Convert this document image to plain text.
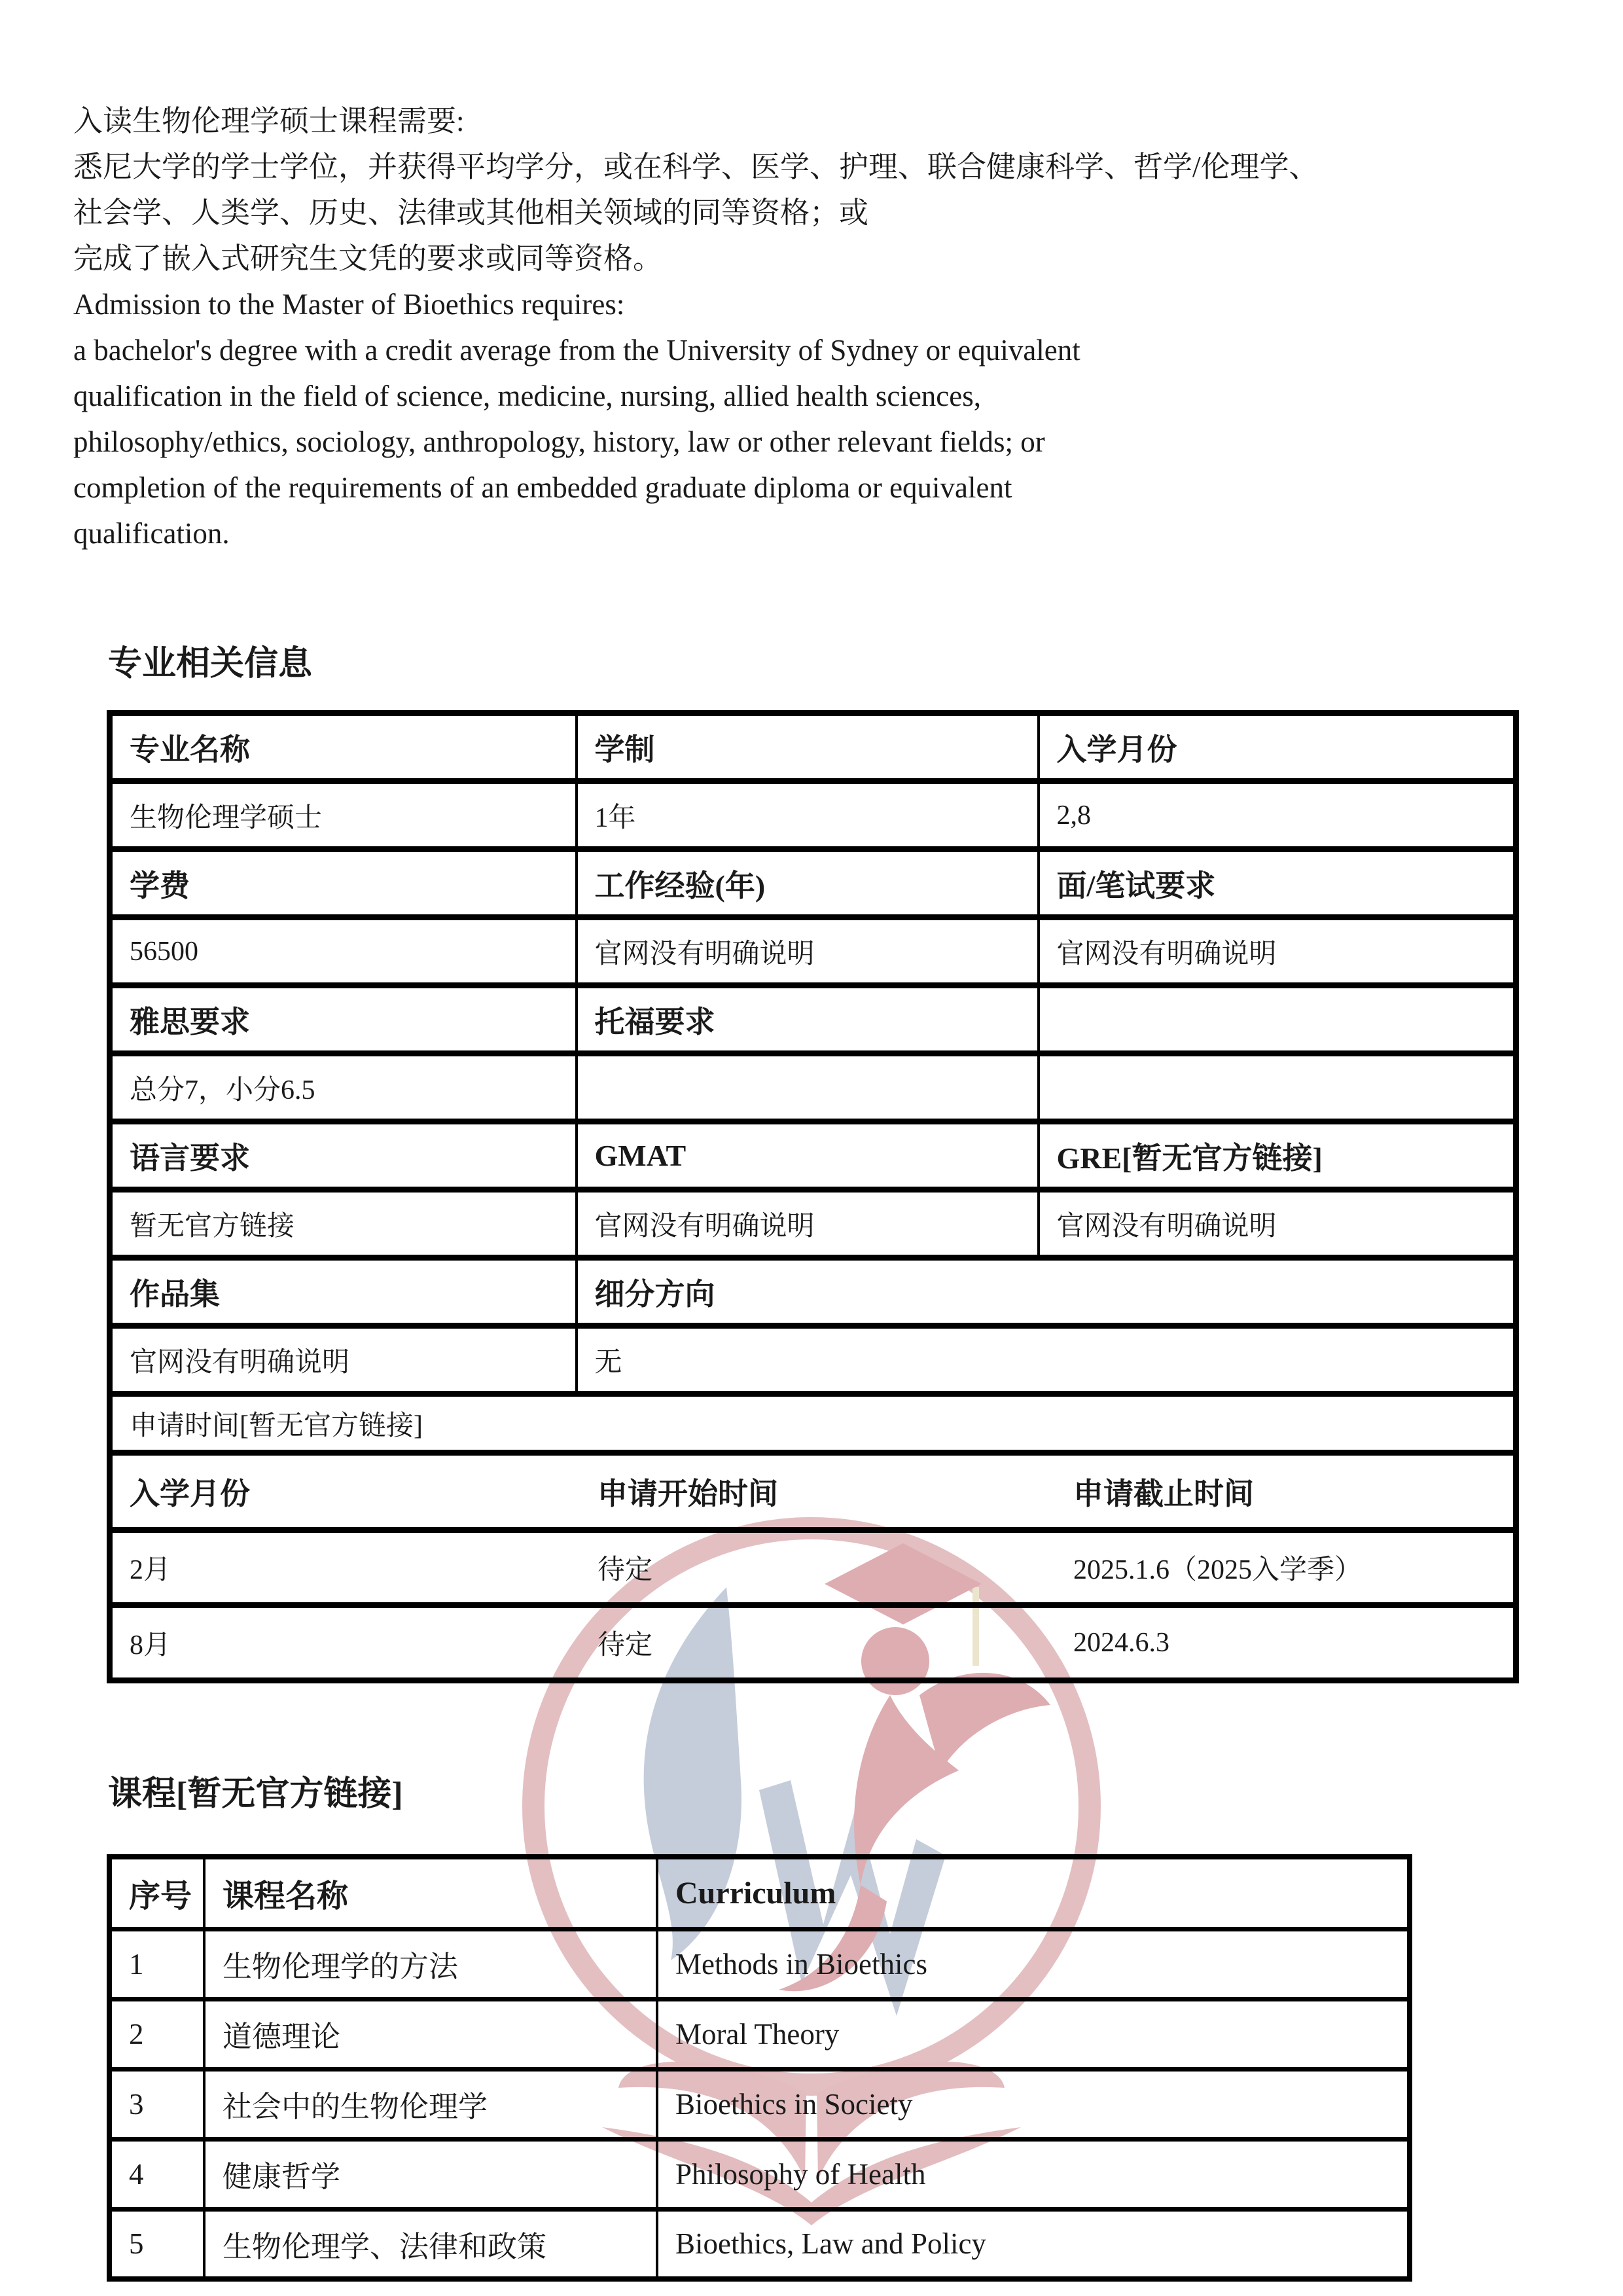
入读生物伦理学硕士课程需要:
悉尼大学的学士学位，并获得平均学分，或在科学、医学、护理、联合健康科学、哲学/伦理学、
社会学、人类学、历史、法律或其他相关领域的同等资格；或
完成了嵌入式研究生文凭的要求或同等资格。
Admission to the Master of Bioethics requires:
a bachelor's degree with a credit average from the University of Sydney or equivalent
qualification in the field of science, medicine, nursing, allied health sciences,
philosophy/ethics, sociology, anthropology, history, law or other relevant fields; or
completion of the requirements of an embedded graduate diploma or equivalent
qualification.
专业相关信息
专业名称	学制	入学月份
生物伦理学硕士	1年	2,8
学费	工作经验(年)	面/笔试要求
56500	官网没有明确说明	官网没有明确说明
雅思要求	托福要求	
总分7，小分6.5		
语言要求	GMAT	GRE[暂无官方链接]
暂无官方链接	官网没有明确说明	官网没有明确说明
作品集	细分方向	
官网没有明确说明	无	
申请时间[暂无官方链接]		

入学月份 申请开始时间 申请截止时间		

2月 待定 2025.1.6（2025入学季）		

8月 待定 2024.6.3		
课程[暂无官方链接]
序号	课程名称	Curriculum
1	生物伦理学的方法	Methods in Bioethics
2	道德理论	Moral Theory
3	社会中的生物伦理学	Bioethics in Society
4	健康哲学	Philosophy of Health
5	生物伦理学、法律和政策	Bioethics, Law and Policy
